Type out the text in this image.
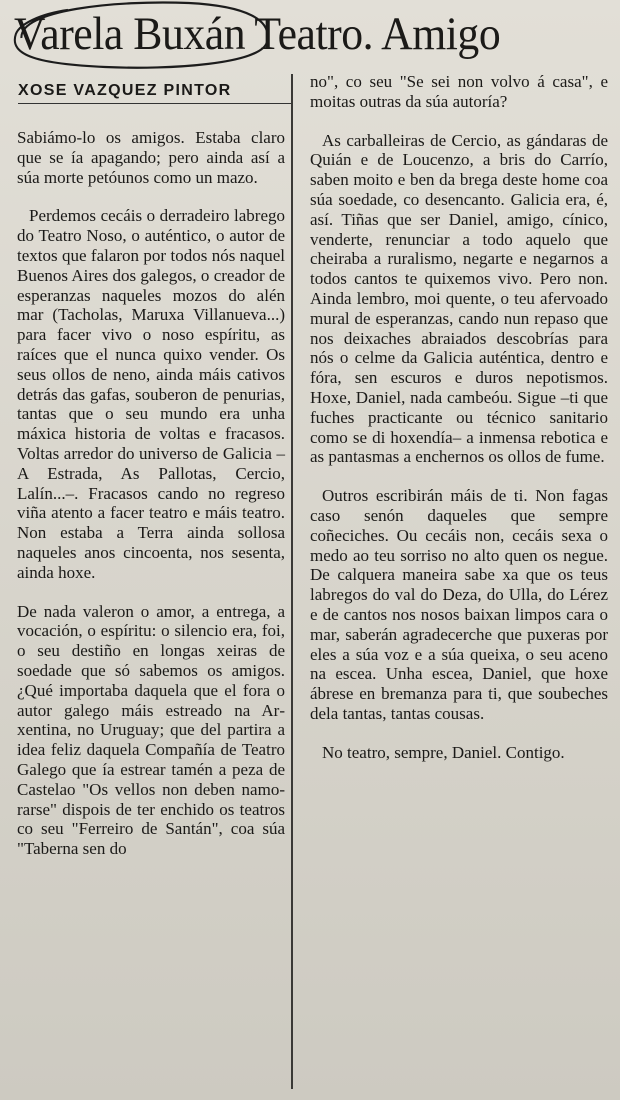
Varela Buxán Teatro. Amigo
XOSE VAZQUEZ PINTOR

Sabiámo-lo os amigos. Estaba claro que se ía apagando; pero ainda así a súa morte petóunos como un mazo.

Perdemos cecáis o derradeiro labrego do Teatro Noso, o auténtico, o autor de textos que falaron por todos nós naquel Buenos Aires dos galegos, o creador de esperanzas naqueles mozos do alén mar (Tacholas, Maruxa Villanueva...) para facer vivo o noso espíritu, as raíces que el nunca quixo vender. Os seus ollos de neno, ainda máis cativos detrás das gafas, souberon de penurias, tantas que o seu mundo era unha máxica historia de voltas e fracasos. Voltas arredor do universo de Galicia –A Estrada, As Pallotas, Cercio, Lalín...–. Fracasos cando no regreso viña atento a facer teatro e máis teatro. Non estaba a Terra ainda sollosa naqueles anos cincoenta, nos sesenta, ainda hoxe.

De nada valeron o amor, a entrega, a vocación, o espíritu: o silencio era, foi, o seu destiño en longas xeiras de soedade que só sabemos os amigos. ¿Qué importaba daquela que el fora o autor galego máis estreado na Arxentina, no Uruguay; que del partira a idea feliz daquela Compañía de Teatro Galego que ía estrear tamén a peza de Castelao "Os vellos non deben namorarse" dispois de ter enchido os teatros co seu "Ferreiro de Santán", coa súa "Taberna sen do

no", co seu "Se sei non volvo á casa", e moitas outras da súa autoría?

As carballeiras de Cercio, as gándaras de Quián e de Loucenzo, a bris do Carrío, saben moito e ben da brega deste home coa súa soedade, co desencanto. Galicia era, é, así. Tiñas que ser Daniel, amigo, cínico, venderte, renunciar a todo aquelo que cheiraba a ruralismo, negarte e negarnos a todos cantos te quixemos vivo. Pero non. Ainda lembro, moi quente, o teu afervoado mural de esperanzas, cando nun repaso que nos deixaches abraiados descobrías para nós o celme da Galicia auténtica, dentro e fóra, sen escuros e duros nepotismos. Hoxe, Daniel, nada cambeóu. Sigue –ti que fuches practicante ou técnico sanitario como se di hoxendía– a inmensa rebotica e as pantasmas a enchernos os ollos de fume.

Outros escribirán máis de ti. Non fagas caso senón daqueles que sempre coñeciches. Ou cecáis non, cecáis sexa o medo ao teu sorriso no alto quen os negue. De calquera maneira sabe xa que os teus labregos do val do Deza, do Ulla, do Lérez e de cantos nos nosos baixan limpos cara o mar, saberán agradecerche que puxeras por eles a súa voz e a súa queixa, o seu aceno na escea. Unha escea, Daniel, que hoxe ábrese en bremanza para ti, que soubeches dela tantas, tantas cousas.

No teatro, sempre, Daniel. Contigo.
